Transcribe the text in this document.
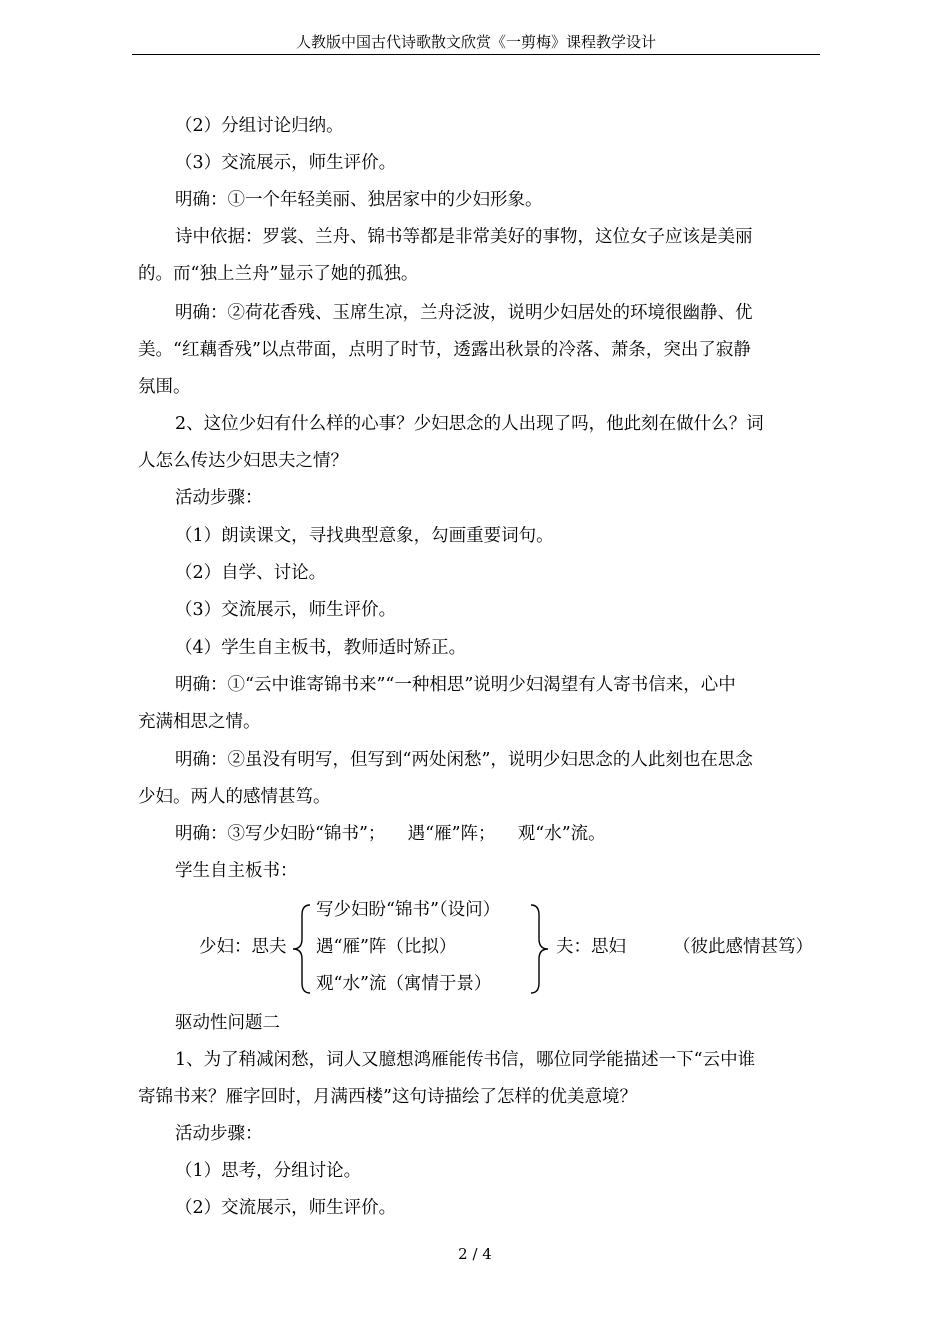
人教版中国古代诗歌散文欣赏《一剪梅》课程教学设计
（2）分组讨论归纳。
（3）交流展示，师生评价。
明确：①一个年轻美丽、独居家中的少妇形象。
诗中依据：罗裳、兰舟、锦书等都是非常美好的事物，这位女子应该是美丽
的。而“独上兰舟”显示了她的孤独。
明确：②荷花香残、玉席生凉，兰舟泛波，说明少妇居处的环境很幽静、优
美。“红藕香残”以点带面，点明了时节，透露出秋景的冷落、萧条，突出了寂静
氛围。
2、这位少妇有什么样的心事？少妇思念的人出现了吗，他此刻在做什么？词
人怎么传达少妇思夫之情？
活动步骤：
（1）朗读课文，寻找典型意象，勾画重要词句。
（2）自学、讨论。
（3）交流展示，师生评价。
（4）学生自主板书，教师适时矫正。
明确：①“云中谁寄锦书来”“一种相思”说明少妇渴望有人寄书信来，心中
充满相思之情。
明确：②虽没有明写，但写到“两处闲愁”，说明少妇思念的人此刻也在思念
少妇。两人的感情甚笃。
明确：③写少妇盼“锦书”；    遇“雁”阵；    观“水”流。
学生自主板书：
少妇：思夫
写少妇盼“锦书”（设问）
遇“雁”阵（比拟）
观“水”流（寓情于景）
夫：思妇	（彼此感情甚笃）
驱动性问题二
1、为了稍减闲愁，词人又臆想鸿雁能传书信，哪位同学能描述一下“云中谁
寄锦书来？雁字回时，月满西楼”这句诗描绘了怎样的优美意境？
活动步骤：
（1）思考，分组讨论。
（2）交流展示，师生评价。
2 / 4
